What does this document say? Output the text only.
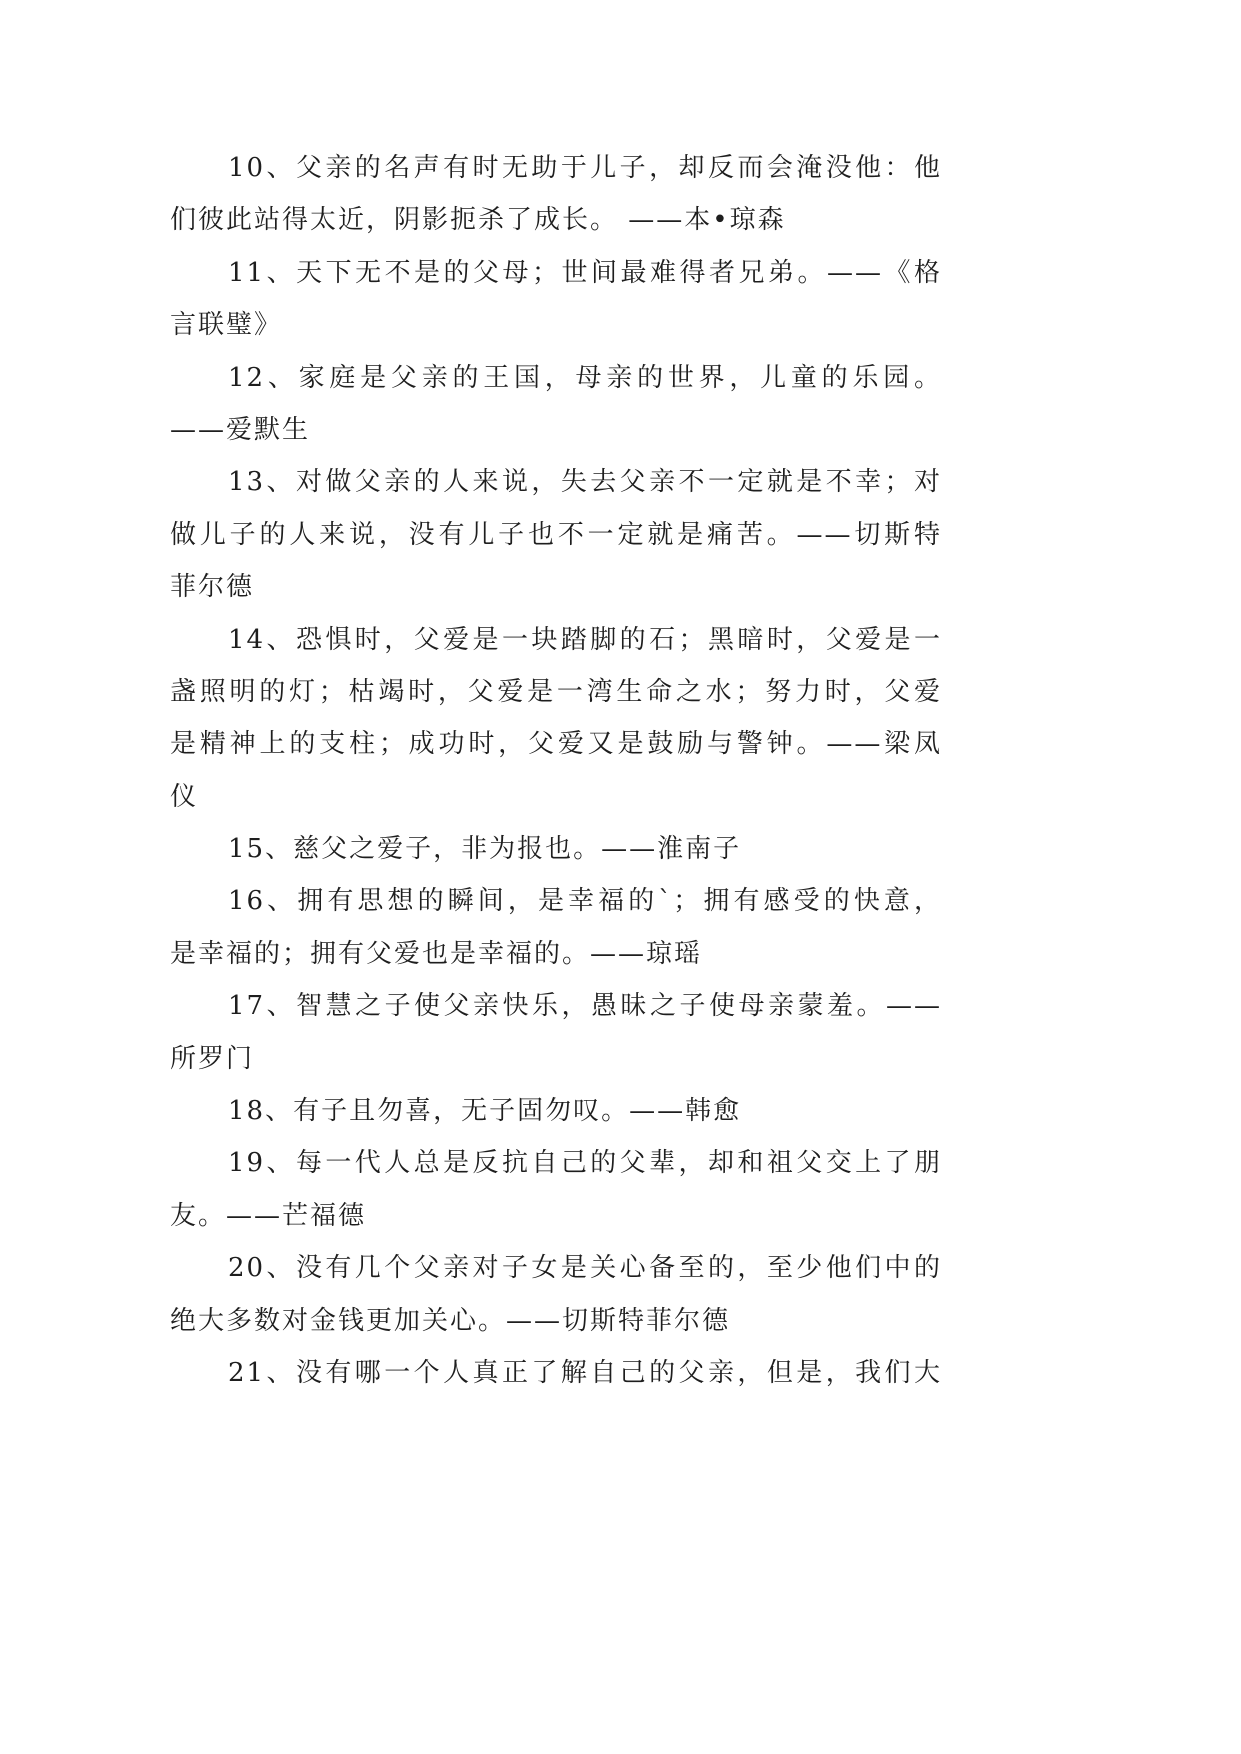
10、父亲的名声有时无助于儿子，却反而会淹没他：他
们彼此站得太近，阴影扼杀了成长。 ——本•琼森
11、天下无不是的父母；世间最难得者兄弟。——《格
言联璧》
12、家庭是父亲的王国，母亲的世界，儿童的乐园。
——爱默生
13、对做父亲的人来说，失去父亲不一定就是不幸；对
做儿子的人来说，没有儿子也不一定就是痛苦。——切斯特
菲尔德
14、恐惧时，父爱是一块踏脚的石；黑暗时，父爱是一
盏照明的灯；枯竭时，父爱是一湾生命之水；努力时，父爱
是精神上的支柱；成功时，父爱又是鼓励与警钟。——梁凤
仪
15、慈父之爱子，非为报也。——淮南子
16、拥有思想的瞬间，是幸福的`；拥有感受的快意，
是幸福的；拥有父爱也是幸福的。——琼瑶
17、智慧之子使父亲快乐，愚昧之子使母亲蒙羞。——
所罗门
18、有子且勿喜，无子固勿叹。——韩愈
19、每一代人总是反抗自己的父辈，却和祖父交上了朋
友。——芒福德
20、没有几个父亲对子女是关心备至的，至少他们中的
绝大多数对金钱更加关心。——切斯特菲尔德
21、没有哪一个人真正了解自己的父亲，但是，我们大
